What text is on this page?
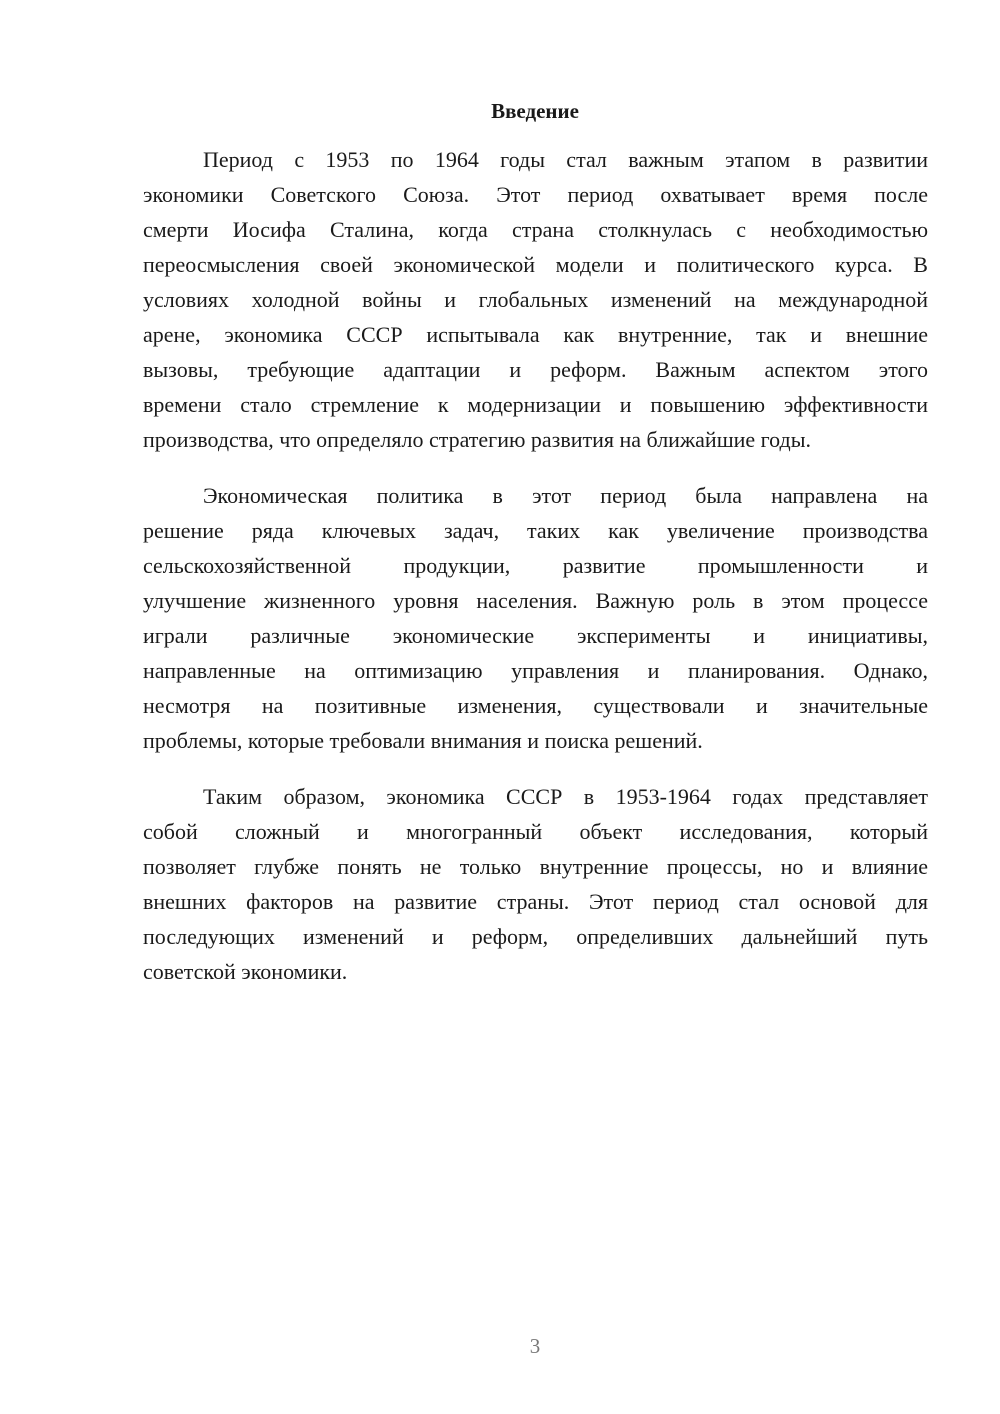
Введение
Период с 1953 по 1964 годы стал важным этапом в развитии
экономики Советского Союза. Этот период охватывает время после
смерти Иосифа Сталина, когда страна столкнулась с необходимостью
переосмысления своей экономической модели и политического курса. В
условиях холодной войны и глобальных изменений на международной
арене, экономика СССР испытывала как внутренние, так и внешние
вызовы, требующие адаптации и реформ. Важным аспектом этого
времени стало стремление к модернизации и повышению эффективности
производства, что определяло стратегию развития на ближайшие годы.
Экономическая политика в этот период была направлена на
решение ряда ключевых задач, таких как увеличение производства
сельскохозяйственной продукции, развитие промышленности и
улучшение жизненного уровня населения. Важную роль в этом процессе
играли различные экономические эксперименты и инициативы,
направленные на оптимизацию управления и планирования. Однако,
несмотря на позитивные изменения, существовали и значительные
проблемы, которые требовали внимания и поиска решений.
Таким образом, экономика СССР в 1953-1964 годах представляет
собой сложный и многогранный объект исследования, который
позволяет глубже понять не только внутренние процессы, но и влияние
внешних факторов на развитие страны. Этот период стал основой для
последующих изменений и реформ, определивших дальнейший путь
советской экономики.
3
